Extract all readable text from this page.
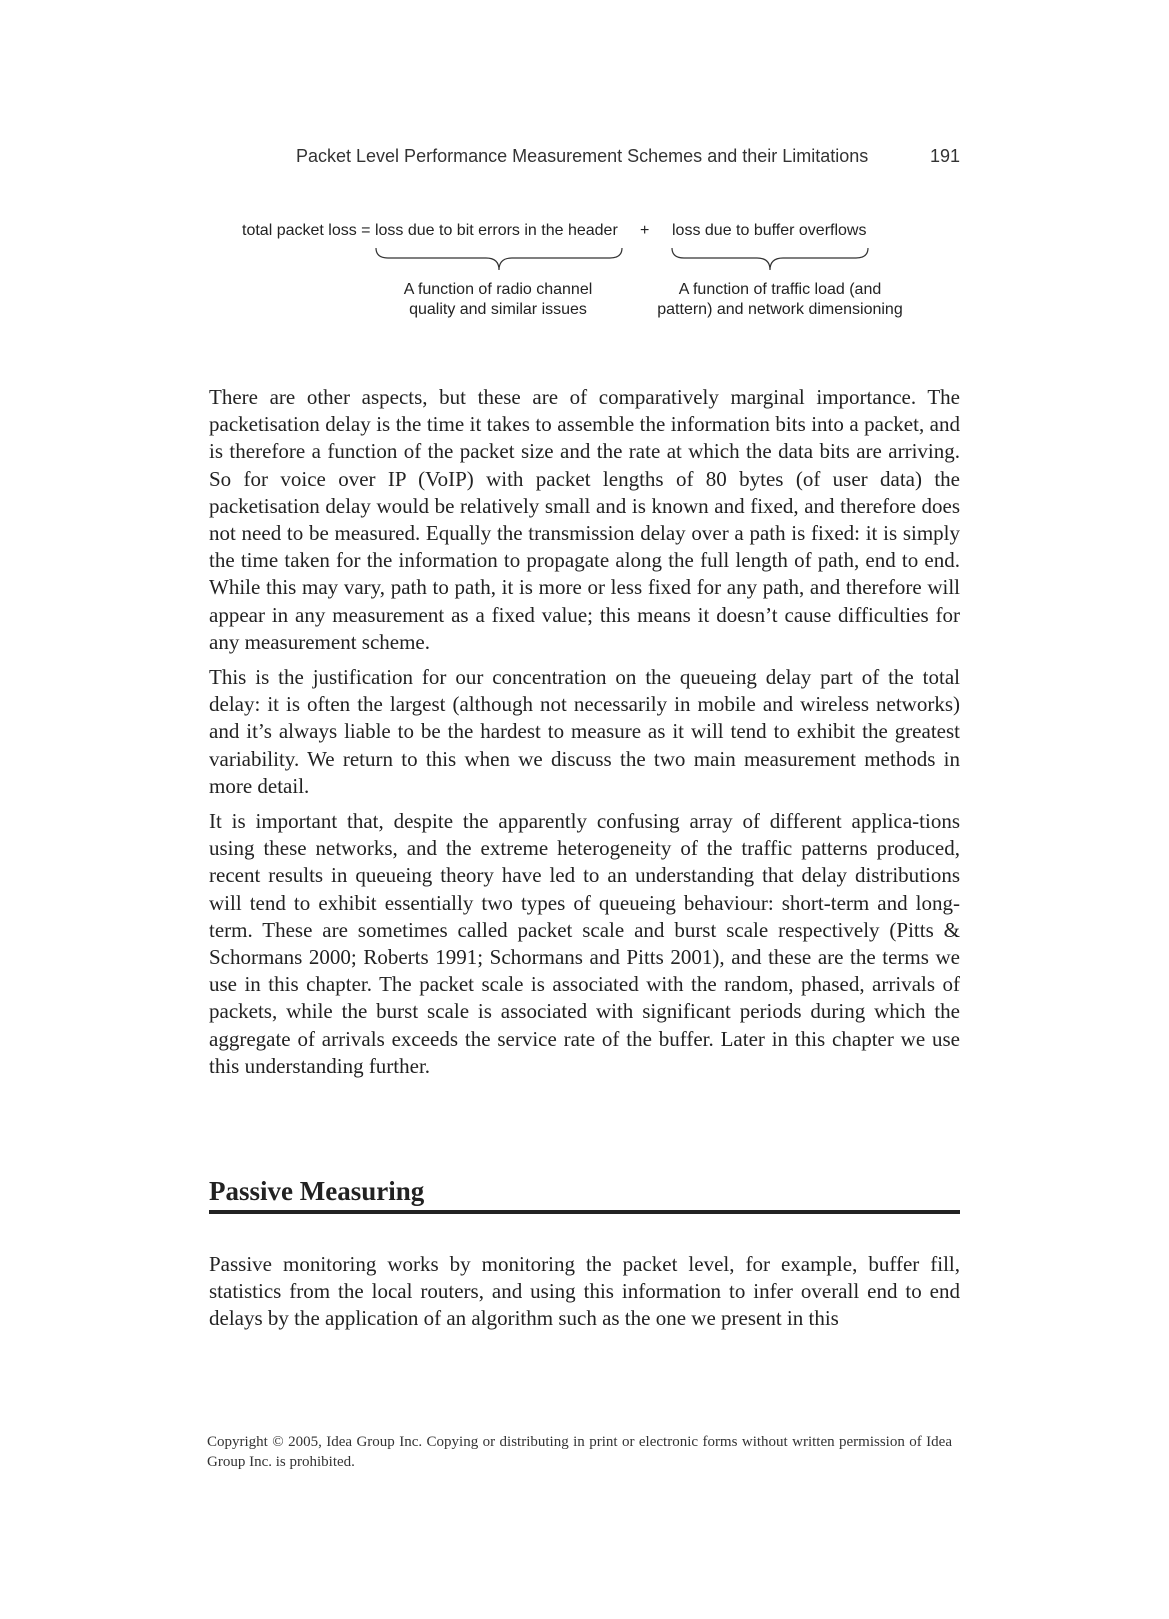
Packet Level Performance Measurement Schemes and their Limitations	191
total packet loss = loss due to bit errors in the header + loss due to buffer overflows
A function of radio channel
quality and similar issues
A function of traffic load (and
pattern) and network dimensioning

There are other aspects, but these are of comparatively marginal importance. The packetisation delay is the time it takes to assemble the information bits into a packet, and is therefore a function of the packet size and the rate at which the data bits are arriving. So for voice over IP (VoIP) with packet lengths of 80 bytes (of user data) the packetisation delay would be relatively small and is known and fixed, and therefore does not need to be measured. Equally the transmission delay over a path is fixed: it is simply the time taken for the information to propagate along the full length of path, end to end. While this may vary, path to path, it is more or less fixed for any path, and therefore will appear in any measurement as a fixed value; this means it doesn’t cause difficulties for any measurement scheme.

This is the justification for our concentration on the queueing delay part of the total delay: it is often the largest (although not necessarily in mobile and wireless networks) and it’s always liable to be the hardest to measure as it will tend to exhibit the greatest variability. We return to this when we discuss the two main measurement methods in more detail.

It is important that, despite the apparently confusing array of different applica-tions using these networks, and the extreme heterogeneity of the traffic patterns produced, recent results in queueing theory have led to an understanding that delay distributions will tend to exhibit essentially two types of queueing behaviour: short-term and long-term. These are sometimes called packet scale and burst scale respectively (Pitts & Schormans 2000; Roberts 1991; Schormans and Pitts 2001), and these are the terms we use in this chapter. The packet scale is associated with the random, phased, arrivals of packets, while the burst scale is associated with significant periods during which the aggregate of arrivals exceeds the service rate of the buffer. Later in this chapter we use this understanding further.

Passive Measuring

Passive monitoring works by monitoring the packet level, for example, buffer fill, statistics from the local routers, and using this information to infer overall end to end delays by the application of an algorithm such as the one we present in this

Copyright © 2005, Idea Group Inc. Copying or distributing in print or electronic forms without written permission of Idea Group Inc. is prohibited.
